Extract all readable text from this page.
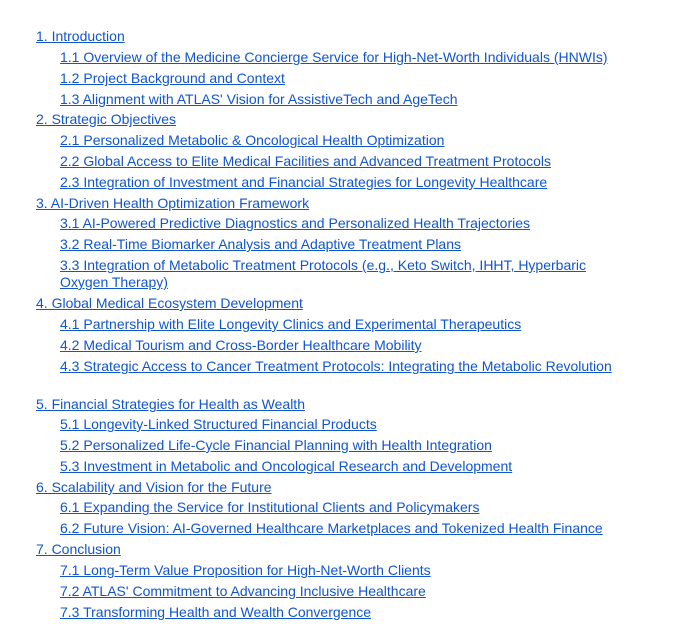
1. Introduction
1.1 Overview of the Medicine Concierge Service for High-Net-Worth Individuals (HNWIs)
1.2 Project Background and Context
1.3 Alignment with ATLAS' Vision for AssistiveTech and AgeTech
2. Strategic Objectives
2.1 Personalized Metabolic & Oncological Health Optimization
2.2 Global Access to Elite Medical Facilities and Advanced Treatment Protocols
2.3 Integration of Investment and Financial Strategies for Longevity Healthcare
3. AI-Driven Health Optimization Framework
3.1 AI-Powered Predictive Diagnostics and Personalized Health Trajectories
3.2 Real-Time Biomarker Analysis and Adaptive Treatment Plans
3.3 Integration of Metabolic Treatment Protocols (e.g., Keto Switch, IHHT, Hyperbaric Oxygen Therapy)
4. Global Medical Ecosystem Development
4.1 Partnership with Elite Longevity Clinics and Experimental Therapeutics
4.2 Medical Tourism and Cross-Border Healthcare Mobility
4.3 Strategic Access to Cancer Treatment Protocols: Integrating the Metabolic Revolution
5. Financial Strategies for Health as Wealth
5.1 Longevity-Linked Structured Financial Products
5.2 Personalized Life-Cycle Financial Planning with Health Integration
5.3 Investment in Metabolic and Oncological Research and Development
6. Scalability and Vision for the Future
6.1 Expanding the Service for Institutional Clients and Policymakers
6.2 Future Vision: AI-Governed Healthcare Marketplaces and Tokenized Health Finance
7. Conclusion
7.1 Long-Term Value Proposition for High-Net-Worth Clients
7.2 ATLAS' Commitment to Advancing Inclusive Healthcare
7.3 Transforming Health and Wealth Convergence
